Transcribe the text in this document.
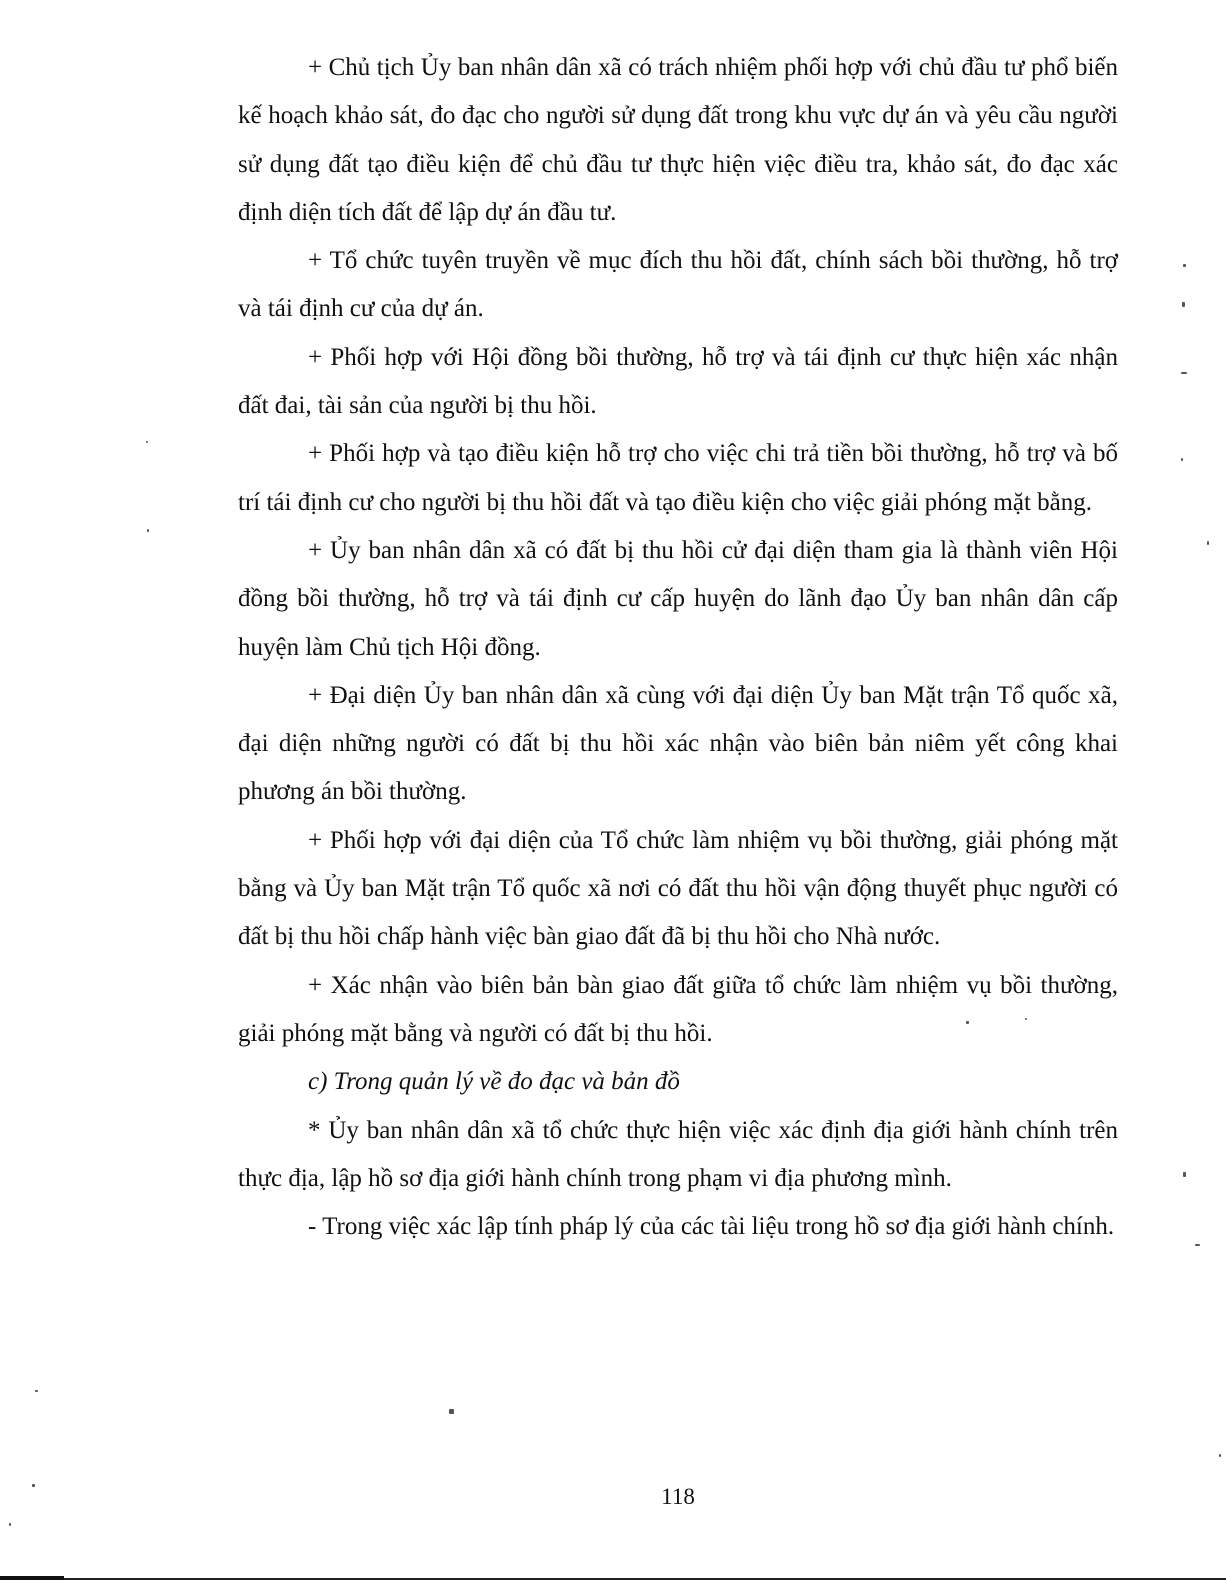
+ Chủ tịch Ủy ban nhân dân xã có trách nhiệm phối hợp với chủ đầu tư phổ biến kế hoạch khảo sát, đo đạc cho người sử dụng đất trong khu vực dự án và yêu cầu người sử dụng đất tạo điều kiện để chủ đầu tư thực hiện việc điều tra, khảo sát, đo đạc xác định diện tích đất để lập dự án đầu tư.

+ Tổ chức tuyên truyền về mục đích thu hồi đất, chính sách bồi thường, hỗ trợ và tái định cư của dự án.

+ Phối hợp với Hội đồng bồi thường, hỗ trợ và tái định cư thực hiện xác nhận đất đai, tài sản của người bị thu hồi.

+ Phối hợp và tạo điều kiện hỗ trợ cho việc chi trả tiền bồi thường, hỗ trợ và bố trí tái định cư cho người bị thu hồi đất và tạo điều kiện cho việc giải phóng mặt bằng.

+ Ủy ban nhân dân xã có đất bị thu hồi cử đại diện tham gia là thành viên Hội đồng bồi thường, hỗ trợ và tái định cư cấp huyện do lãnh đạo Ủy ban nhân dân cấp huyện làm Chủ tịch Hội đồng.

+ Đại diện Ủy ban nhân dân xã cùng với đại diện Ủy ban Mặt trận Tổ quốc xã, đại diện những người có đất bị thu hồi xác nhận vào biên bản niêm yết công khai phương án bồi thường.

+ Phối hợp với đại diện của Tổ chức làm nhiệm vụ bồi thường, giải phóng mặt bằng và Ủy ban Mặt trận Tổ quốc xã nơi có đất thu hồi vận động thuyết phục người có đất bị thu hồi chấp hành việc bàn giao đất đã bị thu hồi cho Nhà nước.

+ Xác nhận vào biên bản bàn giao đất giữa tổ chức làm nhiệm vụ bồi thường, giải phóng mặt bằng và người có đất bị thu hồi.

c) Trong quản lý về đo đạc và bản đồ

* Ủy ban nhân dân xã tổ chức thực hiện việc xác định địa giới hành chính trên thực địa, lập hồ sơ địa giới hành chính trong phạm vi địa phương mình.

- Trong việc xác lập tính pháp lý của các tài liệu trong hồ sơ địa giới hành chính.

118
